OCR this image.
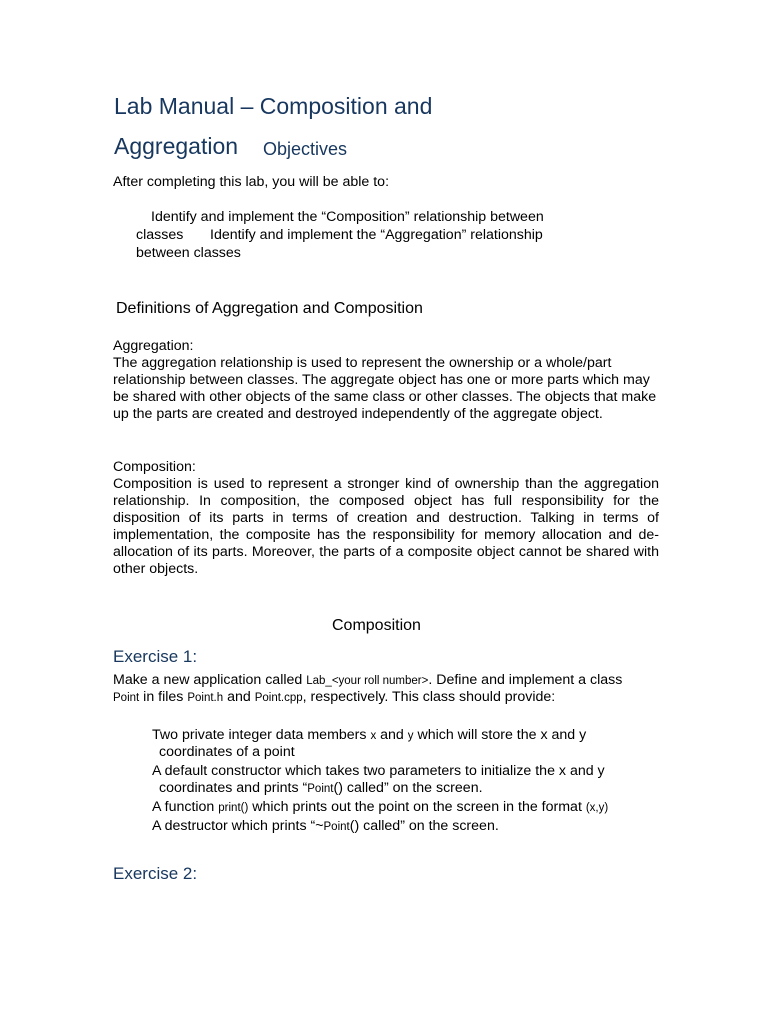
Lab Manual – Composition and
Aggregation Objectives
After completing this lab, you will be able to:
Identify and implement the “Composition” relationship between
classes Identify and implement the “Aggregation” relationship
between classes
Definitions of Aggregation and Composition
Aggregation:
The aggregation relationship is used to represent the ownership or a whole/part relationship between classes. The aggregate object has one or more parts which may be shared with other objects of the same class or other classes. The objects that make up the parts are created and destroyed independently of the aggregate object.
Composition:
Composition is used to represent a stronger kind of ownership than the aggregation relationship. In composition, the composed object has full responsibility for the disposition of its parts in terms of creation and destruction. Talking in terms of implementation, the composite has the responsibility for memory allocation and de-allocation of its parts. Moreover, the parts of a composite object cannot be shared with other objects.
Composition
Exercise 1:
Make a new application called Lab_<your roll number>. Define and implement a class
Point in files Point.h and Point.cpp, respectively. This class should provide:
Two private integer data members x and y which will store the x and y
coordinates of a point
A default constructor which takes two parameters to initialize the x and y
coordinates and prints “Point() called” on the screen.
A function print() which prints out the point on the screen in the format (x,y)
A destructor which prints “~Point() called” on the screen.
Exercise 2:
